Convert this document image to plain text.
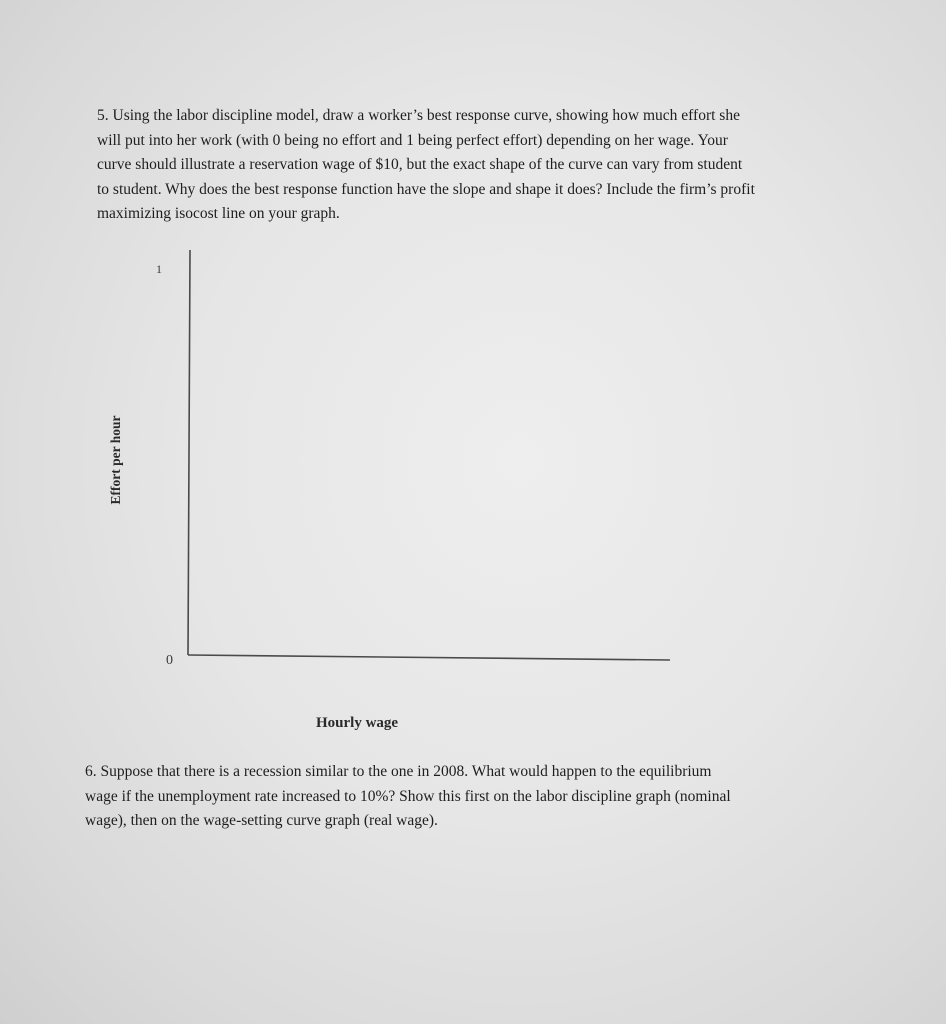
5. Using the labor discipline model, draw a worker’s best response curve, showing how much effort she
will put into her work (with 0 being no effort and 1 being perfect effort) depending on her wage. Your
curve should illustrate a reservation wage of $10, but the exact shape of the curve can vary from student
to student. Why does the best response function have the slope and shape it does? Include the firm’s profit
maximizing isocost line on your graph.
1
0
Effort per hour
Hourly wage
6. Suppose that there is a recession similar to the one in 2008. What would happen to the equilibrium
wage if the unemployment rate increased to 10%? Show this first on the labor discipline graph (nominal
wage), then on the wage-setting curve graph (real wage).
